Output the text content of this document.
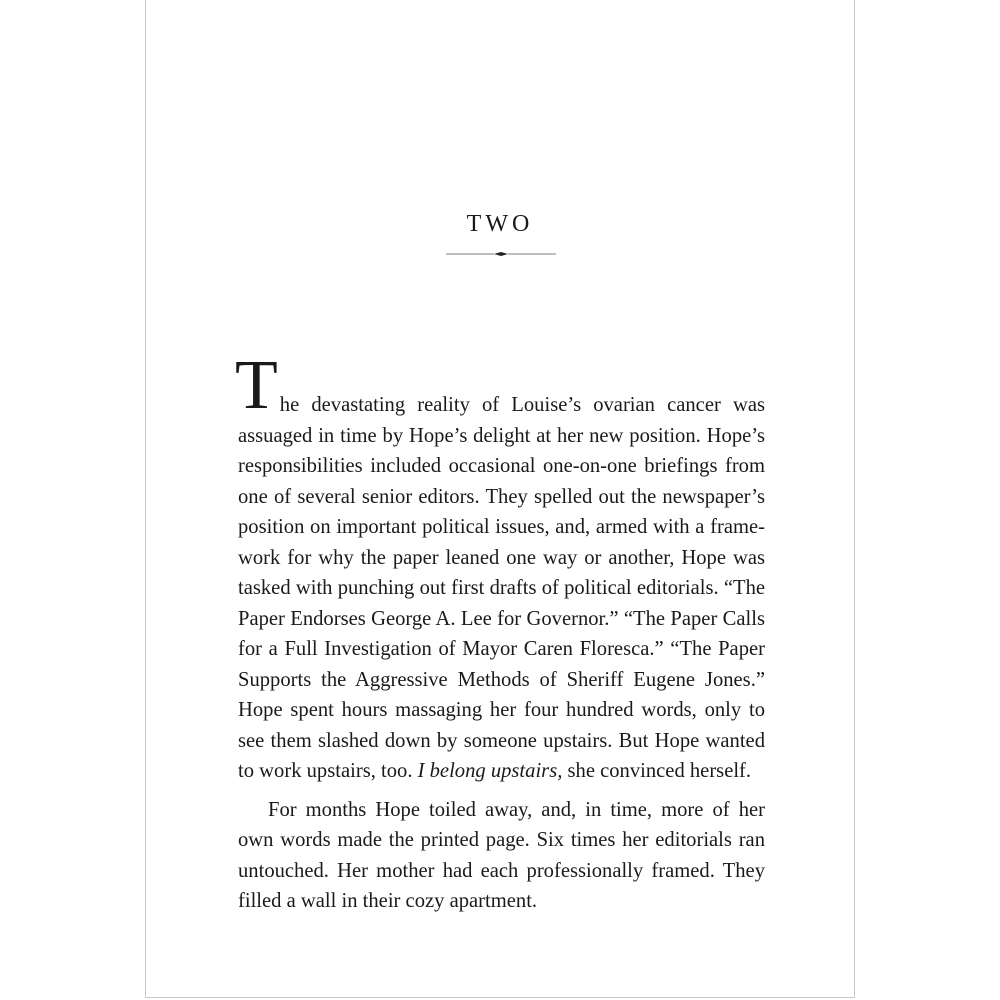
TWO

The devastating reality of Louise’s ovarian cancer was assuaged in time by Hope’s delight at her new position. Hope’s responsibilities included occasional one-on-one briefings from one of several senior editors. They spelled out the newspaper’s position on important political issues, and, armed with a frame-work for why the paper leaned one way or another, Hope was tasked with punching out first drafts of political editorials. “The Paper Endorses George A. Lee for Governor.” “The Paper Calls for a Full Investigation of Mayor Caren Floresca.” “The Paper Supports the Aggressive Methods of Sheriff Eugene Jones.” Hope spent hours massaging her four hundred words, only to see them slashed down by someone upstairs. But Hope wanted to work upstairs, too. I belong upstairs, she convinced herself.

For months Hope toiled away, and, in time, more of her own words made the printed page. Six times her editorials ran untouched. Her mother had each professionally framed. They filled a wall in their cozy apartment.
